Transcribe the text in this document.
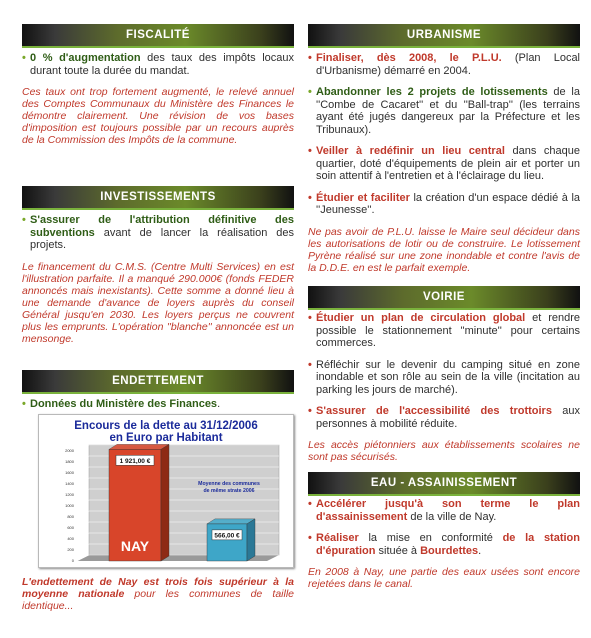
FISCALITÉ
• 0 % d'augmentation des taux des impôts locaux durant toute la durée du mandat.
Ces taux ont trop fortement augmenté, le relevé annuel des Comptes Communaux du Ministère des Finances le démontre clairement. Une révision de vos bases d'imposition est toujours possible par un recours auprès de la Commission des Impôts de la commune.
INVESTISSEMENTS
• S'assurer de l'attribution définitive des subventions avant de lancer la réalisation des projets.
Le financement du C.M.S. (Centre Multi Services) en est l'illustration parfaite. Il a manqué 290.000€ (fonds FEDER annoncés mais inexistants). Cette somme a donné lieu à une demande d'avance de loyers auprès du conseil Général jusqu'en 2030. Les loyers perçus ne couvrent plus les emprunts. L'opération ''blanche'' annoncée est un mensonge.
ENDETTEMENT
• Données du Ministère des Finances.
Encours de la dette au 31/12/2006
en Euro par Habitant
0
200
400
600
800
1000
1200
1400
1600
1800
2000
1 921,00 €
566,00 €
NAY
Moyenne des communes
de même strate 2006
L'endettement de Nay est trois fois supérieur à la moyenne nationale pour les communes de taille identique...
URBANISME
• Finaliser, dès 2008, le P.L.U. (Plan Local d'Urbanisme) démarré en 2004.
• Abandonner les 2 projets de lotissements de la ''Combe de Cacaret'' et du ''Ball-trap'' (les terrains ayant été jugés dangereux par la Préfecture et les Tribunaux).
• Veiller à redéfinir un lieu central dans chaque quartier, doté d'équipements de plein air et porter un soin attentif à l'entretien et à l'éclairage du lieu.
• Étudier et faciliter la création d'un espace dédié à la ''Jeunesse''.
Ne pas avoir de P.L.U. laisse le Maire seul décideur dans les autorisations de lotir ou de construire. Le lotissement Pyrène réalisé sur une zone inondable et contre l'avis de la D.D.E. en est le parfait exemple.
VOIRIE
• Étudier un plan de circulation global et rendre possible le stationnement ''minute'' pour certains commerces.
• Réfléchir sur le devenir du camping situé en zone inondable et son rôle au sein de la ville (incitation au parking les jours de marché).
• S'assurer de l'accessibilité des trottoirs aux personnes à mobilité réduite.
Les accès piétonniers aux établissements scolaires ne sont pas sécurisés.
EAU - ASSAINISSEMENT
• Accélérer jusqu'à son terme le plan d'assainissement de la ville de Nay.
• Réaliser la mise en conformité de la station d'épuration située à Bourdettes.
En 2008 à Nay, une partie des eaux usées sont encore rejetées dans le canal.
